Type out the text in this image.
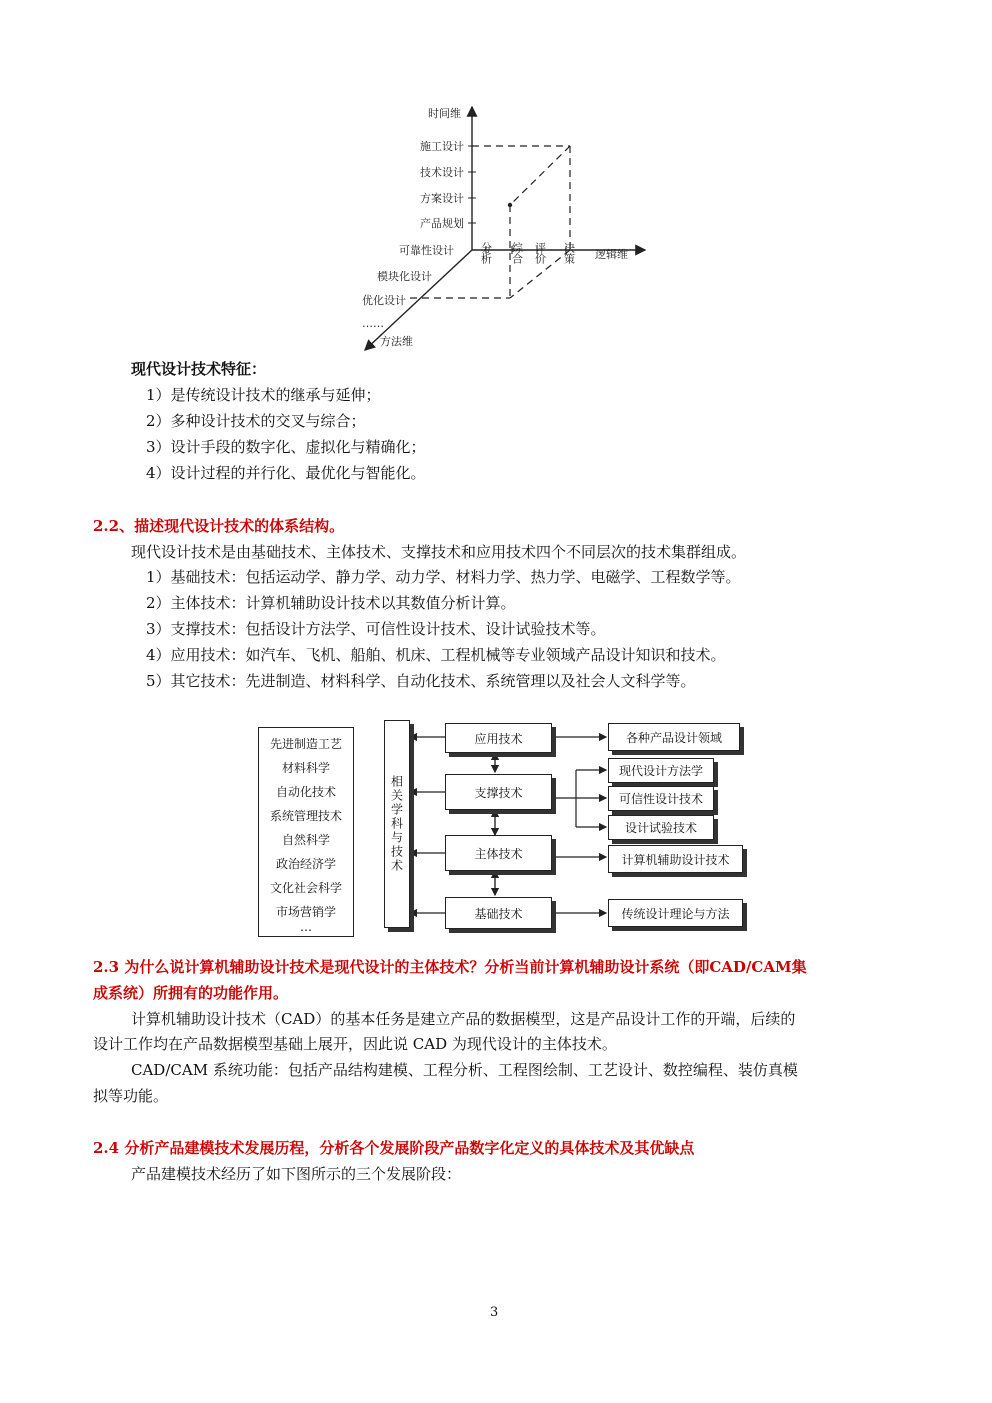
时间维
逻辑维
方法维
施工设计
技术设计
方案设计
产品规划
可靠性设计
模块化设计
优化设计
……
分析 综合 评价 决策
现代设计技术特征：
1）是传统设计技术的继承与延伸；
2）多种设计技术的交叉与综合；
3）设计手段的数字化、虚拟化与精确化；
4）设计过程的并行化、最优化与智能化。
2.2、描述现代设计技术的体系结构。
现代设计技术是由基础技术、主体技术、支撑技术和应用技术四个不同层次的技术集群组成。
1）基础技术：包括运动学、静力学、动力学、材料力学、热力学、电磁学、工程数学等。
2）主体技术：计算机辅助设计技术以其数值分析计算。
3）支撑技术：包括设计方法学、可信性设计技术、设计试验技术等。
4）应用技术：如汽车、飞机、船舶、机床、工程机械等专业领域产品设计知识和技术。
5）其它技术：先进制造、材料科学、自动化技术、系统管理以及社会人文科学等。
先进制造工艺
材料科学
自动化技术
系统管理技术
自然科学
政治经济学
文化社会科学
市场营销学
…
相关学科与技术
应用技术
支撑技术
主体技术
基础技术
各种产品设计领域
现代设计方法学
可信性设计技术
设计试验技术
计算机辅助设计技术
传统设计理论与方法
2.3 为什么说计算机辅助设计技术是现代设计的主体技术？分析当前计算机辅助设计系统（即CAD/CAM集
成系统）所拥有的功能作用。
计算机辅助设计技术（CAD）的基本任务是建立产品的数据模型，这是产品设计工作的开端，后续的
设计工作均在产品数据模型基础上展开，因此说 CAD 为现代设计的主体技术。
CAD/CAM 系统功能：包括产品结构建模、工程分析、工程图绘制、工艺设计、数控编程、装仿真模
拟等功能。
2.4 分析产品建模技术发展历程，分析各个发展阶段产品数字化定义的具体技术及其优缺点
产品建模技术经历了如下图所示的三个发展阶段：
3
